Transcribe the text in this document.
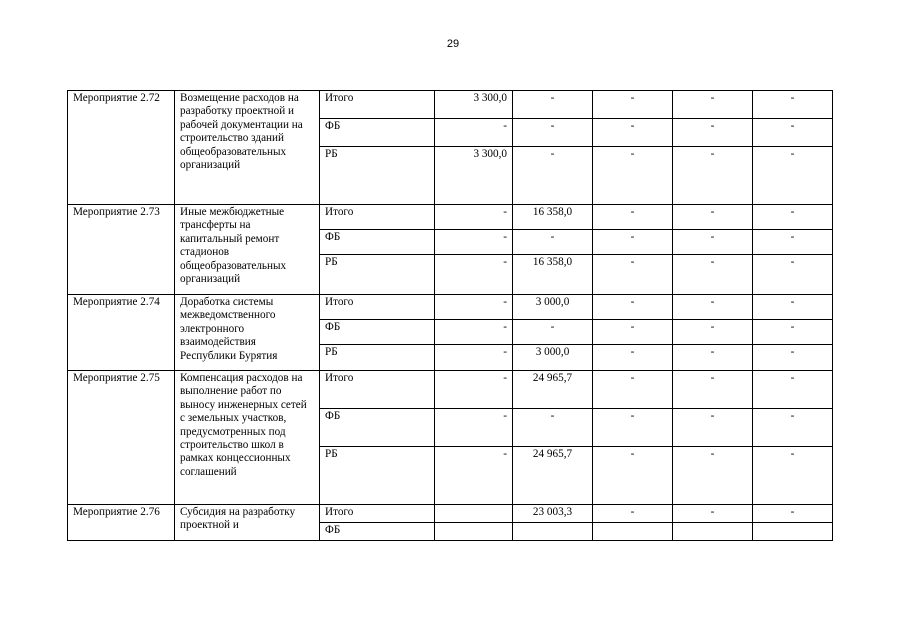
29
Мероприятие 2.72	Возмещение расходов на разработку проектной и рабочей документации на строительство зданий общеобразовательных организаций	Итого	3 300,0	-	-	-	-
		ФБ	-	-	-	-	-
		РБ	3 300,0	-	-	-	-
Мероприятие 2.73	Иные межбюджетные трансферты на капитальный ремонт стадионов общеобразовательных организаций	Итого	-	16 358,0	-	-	-
		ФБ	-	-	-	-	-
		РБ	-	16 358,0	-	-	-
Мероприятие 2.74	Доработка системы межведомственного электронного взаимодействия Республики Бурятия	Итого	-	3 000,0	-	-	-
		ФБ	-	-	-	-	-
		РБ	-	3 000,0	-	-	-
Мероприятие 2.75	Компенсация расходов на выполнение работ по выносу инженерных сетей с земельных участков, предусмотренных под строительство школ в рамках концессионных соглашений	Итого	-	24 965,7	-	-	-
		ФБ	-	-	-	-	-
		РБ	-	24 965,7	-	-	-
Мероприятие 2.76	Субсидия на разработку проектной и	Итого		23 003,3	-	-	-
		ФБ					
